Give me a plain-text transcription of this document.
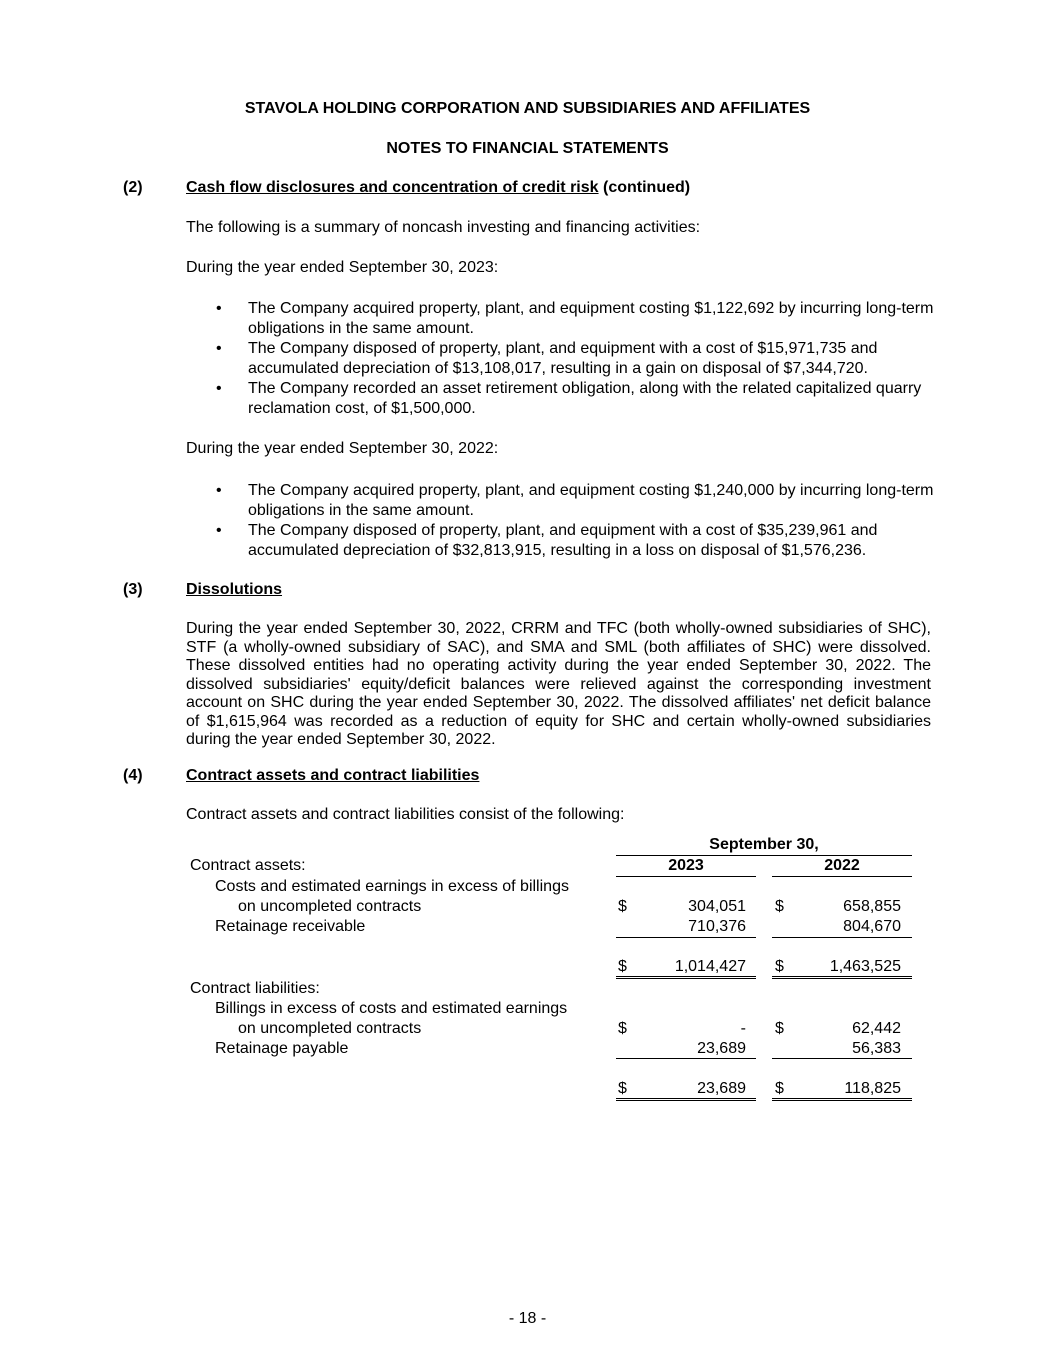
STAVOLA HOLDING CORPORATION AND SUBSIDIARIES AND AFFILIATES
NOTES TO FINANCIAL STATEMENTS
(2)	Cash flow disclosures and concentration of credit risk (continued)
The following is a summary of noncash investing and financing activities:
During the year ended September 30, 2023:
• The Company acquired property, plant, and equipment costing $1,122,692 by incurring long-term obligations in the same amount.
• The Company disposed of property, plant, and equipment with a cost of $15,971,735 and accumulated depreciation of $13,108,017, resulting in a gain on disposal of $7,344,720.
• The Company recorded an asset retirement obligation, along with the related capitalized quarry reclamation cost, of $1,500,000.
During the year ended September 30, 2022:
• The Company acquired property, plant, and equipment costing $1,240,000 by incurring long-term obligations in the same amount.
• The Company disposed of property, plant, and equipment with a cost of $35,239,961 and accumulated depreciation of $32,813,915, resulting in a loss on disposal of $1,576,236.
(3)	Dissolutions
During the year ended September 30, 2022, CRRM and TFC (both wholly-owned subsidiaries of SHC), STF (a wholly-owned subsidiary of SAC), and SMA and SML (both affiliates of SHC) were dissolved. These dissolved entities had no operating activity during the year ended September 30, 2022. The dissolved subsidiaries' equity/deficit balances were relieved against the corresponding investment account on SHC during the year ended September 30, 2022. The dissolved affiliates' net deficit balance of $1,615,964 was recorded as a reduction of equity for SHC and certain wholly-owned subsidiaries during the year ended September 30, 2022.
(4)	Contract assets and contract liabilities
Contract assets and contract liabilities consist of the following:
September 30,
2023	2022
Contract assets:
Costs and estimated earnings in excess of billings
on uncompleted contracts	$	304,051 $	658,855
Retainage receivable	710,376	804,670
$	1,014,427 $	1,463,525
Contract liabilities:
Billings in excess of costs and estimated earnings
on uncompleted contracts	$	- $	62,442
Retainage payable	23,689	56,383
$	23,689 $	118,825
- 18 -
